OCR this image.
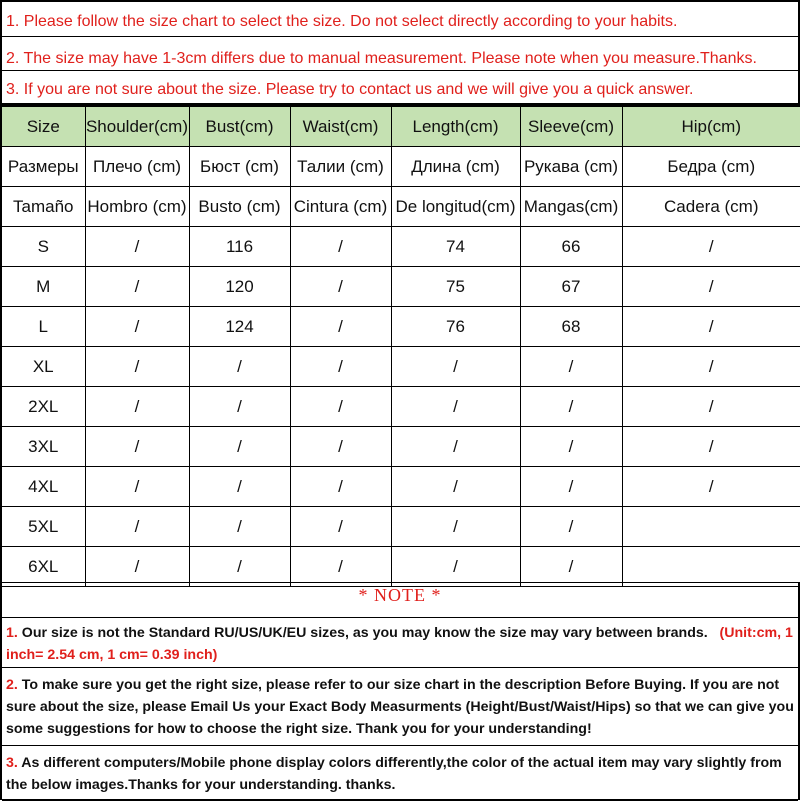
1. Please follow the size chart to select the size. Do not select directly according to your habits.
2. The size may have 1-3cm differs due to manual measurement. Please note when you measure.Thanks.
3. If you are not sure about the size. Please try to contact us and we will give you a quick answer.
Size	Shoulder(cm)	Bust(cm)	Waist(cm)	Length(cm)	Sleeve(cm)	Hip(cm)
Размеры	Плечо (cm)	Бюст (cm)	Талии (cm)	Длина (cm)	Рукава (cm)	Бедра (cm)
Tamaño	Hombro (cm)	Busto (cm)	Cintura (cm)	De longitud(cm)	Mangas(cm)	Cadera (cm)
S	/	116	/	74	66	/
M	/	120	/	75	67	/
L	/	124	/	76	68	/
XL	/	/	/	/	/	/
2XL	/	/	/	/	/	/
3XL	/	/	/	/	/	/
4XL	/	/	/	/	/	/
5XL	/	/	/	/	/	
6XL	/	/	/	/	/	
* NOTE *
1. Our size is not the Standard RU/US/UK/EU sizes, as you may know the size may vary between brands. (Unit:cm, 1 inch= 2.54 cm, 1 cm= 0.39 inch)
2. To make sure you get the right size, please refer to our size chart in the description Before Buying. If you are not sure about the size, please Email Us your Exact Body Measurments (Height/Bust/Waist/Hips) so that we can give you some suggestions for how to choose the right size. Thank you for your understanding!
3. As different computers/Mobile phone display colors differently,the color of the actual item may vary slightly from the below images.Thanks for your understanding. thanks.
